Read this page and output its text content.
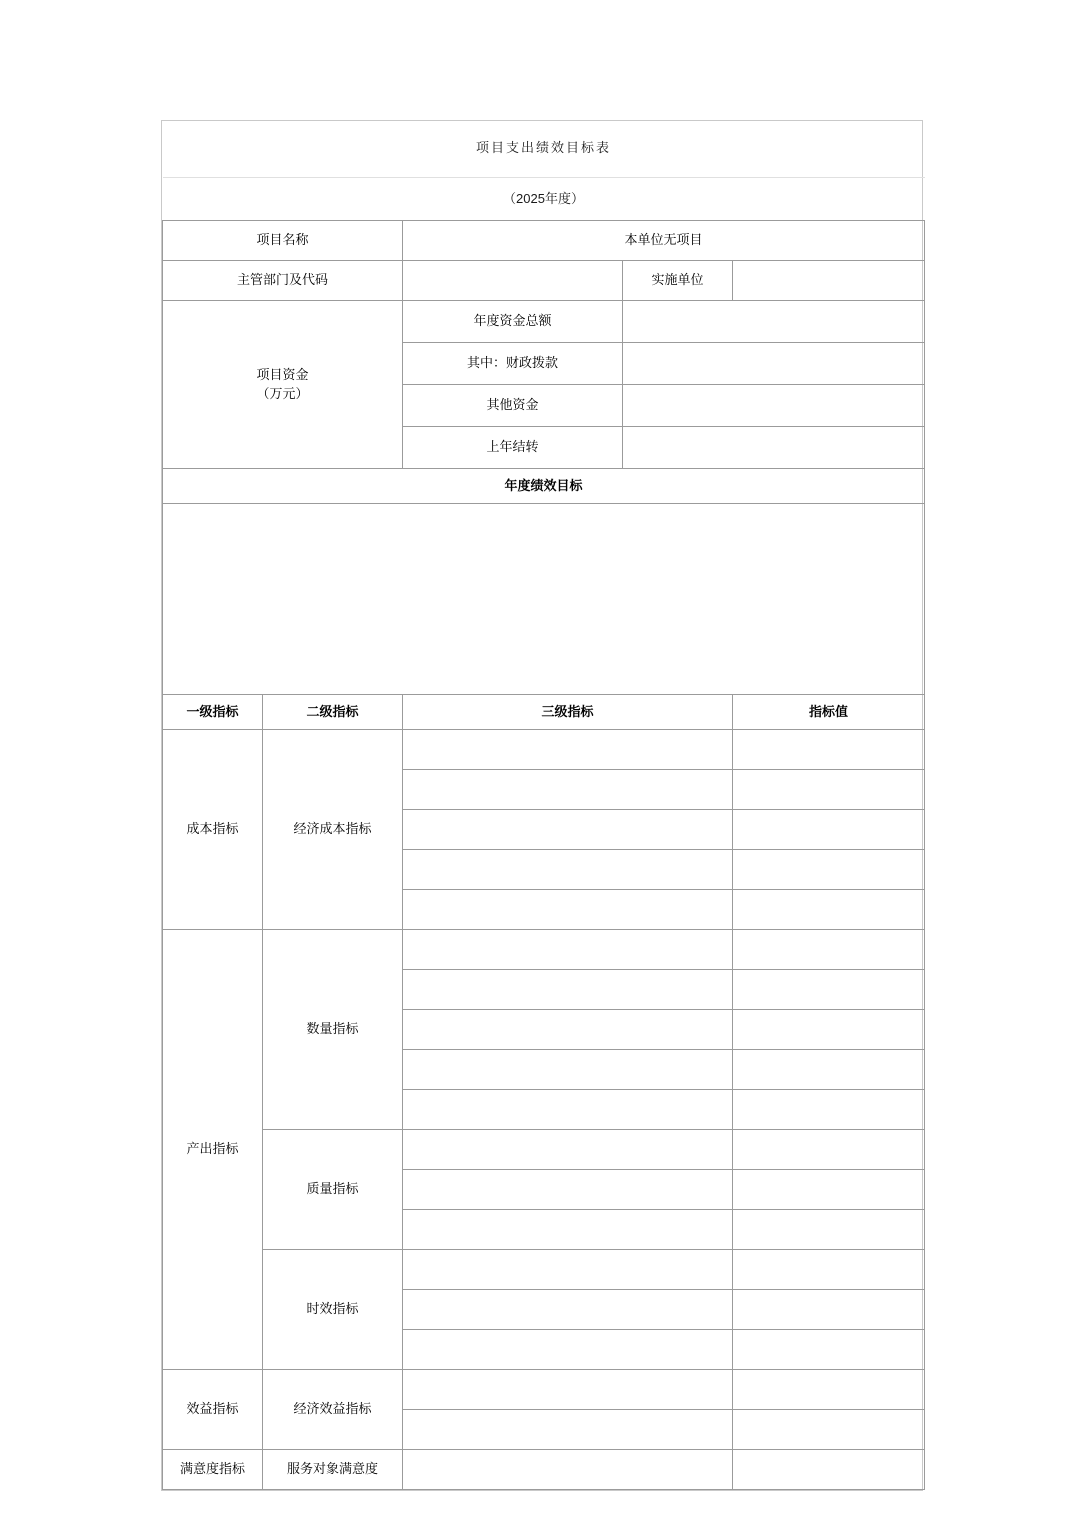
项目支出绩效目标表				
（2025年度）				
项目名称		本单位无项目		
主管部门及代码			实施单位	

项目资金
（万元）		年度资金总额		
		其中：财政拨款		
		其他资金		
		上年结转		
年度绩效目标				

一级指标	二级指标	三级指标		指标值
成本指标	经济成本指标			

产出指标	数量指标			

	质量指标			

	时效指标			

效益指标	经济效益指标			

满意度指标	服务对象满意度			
